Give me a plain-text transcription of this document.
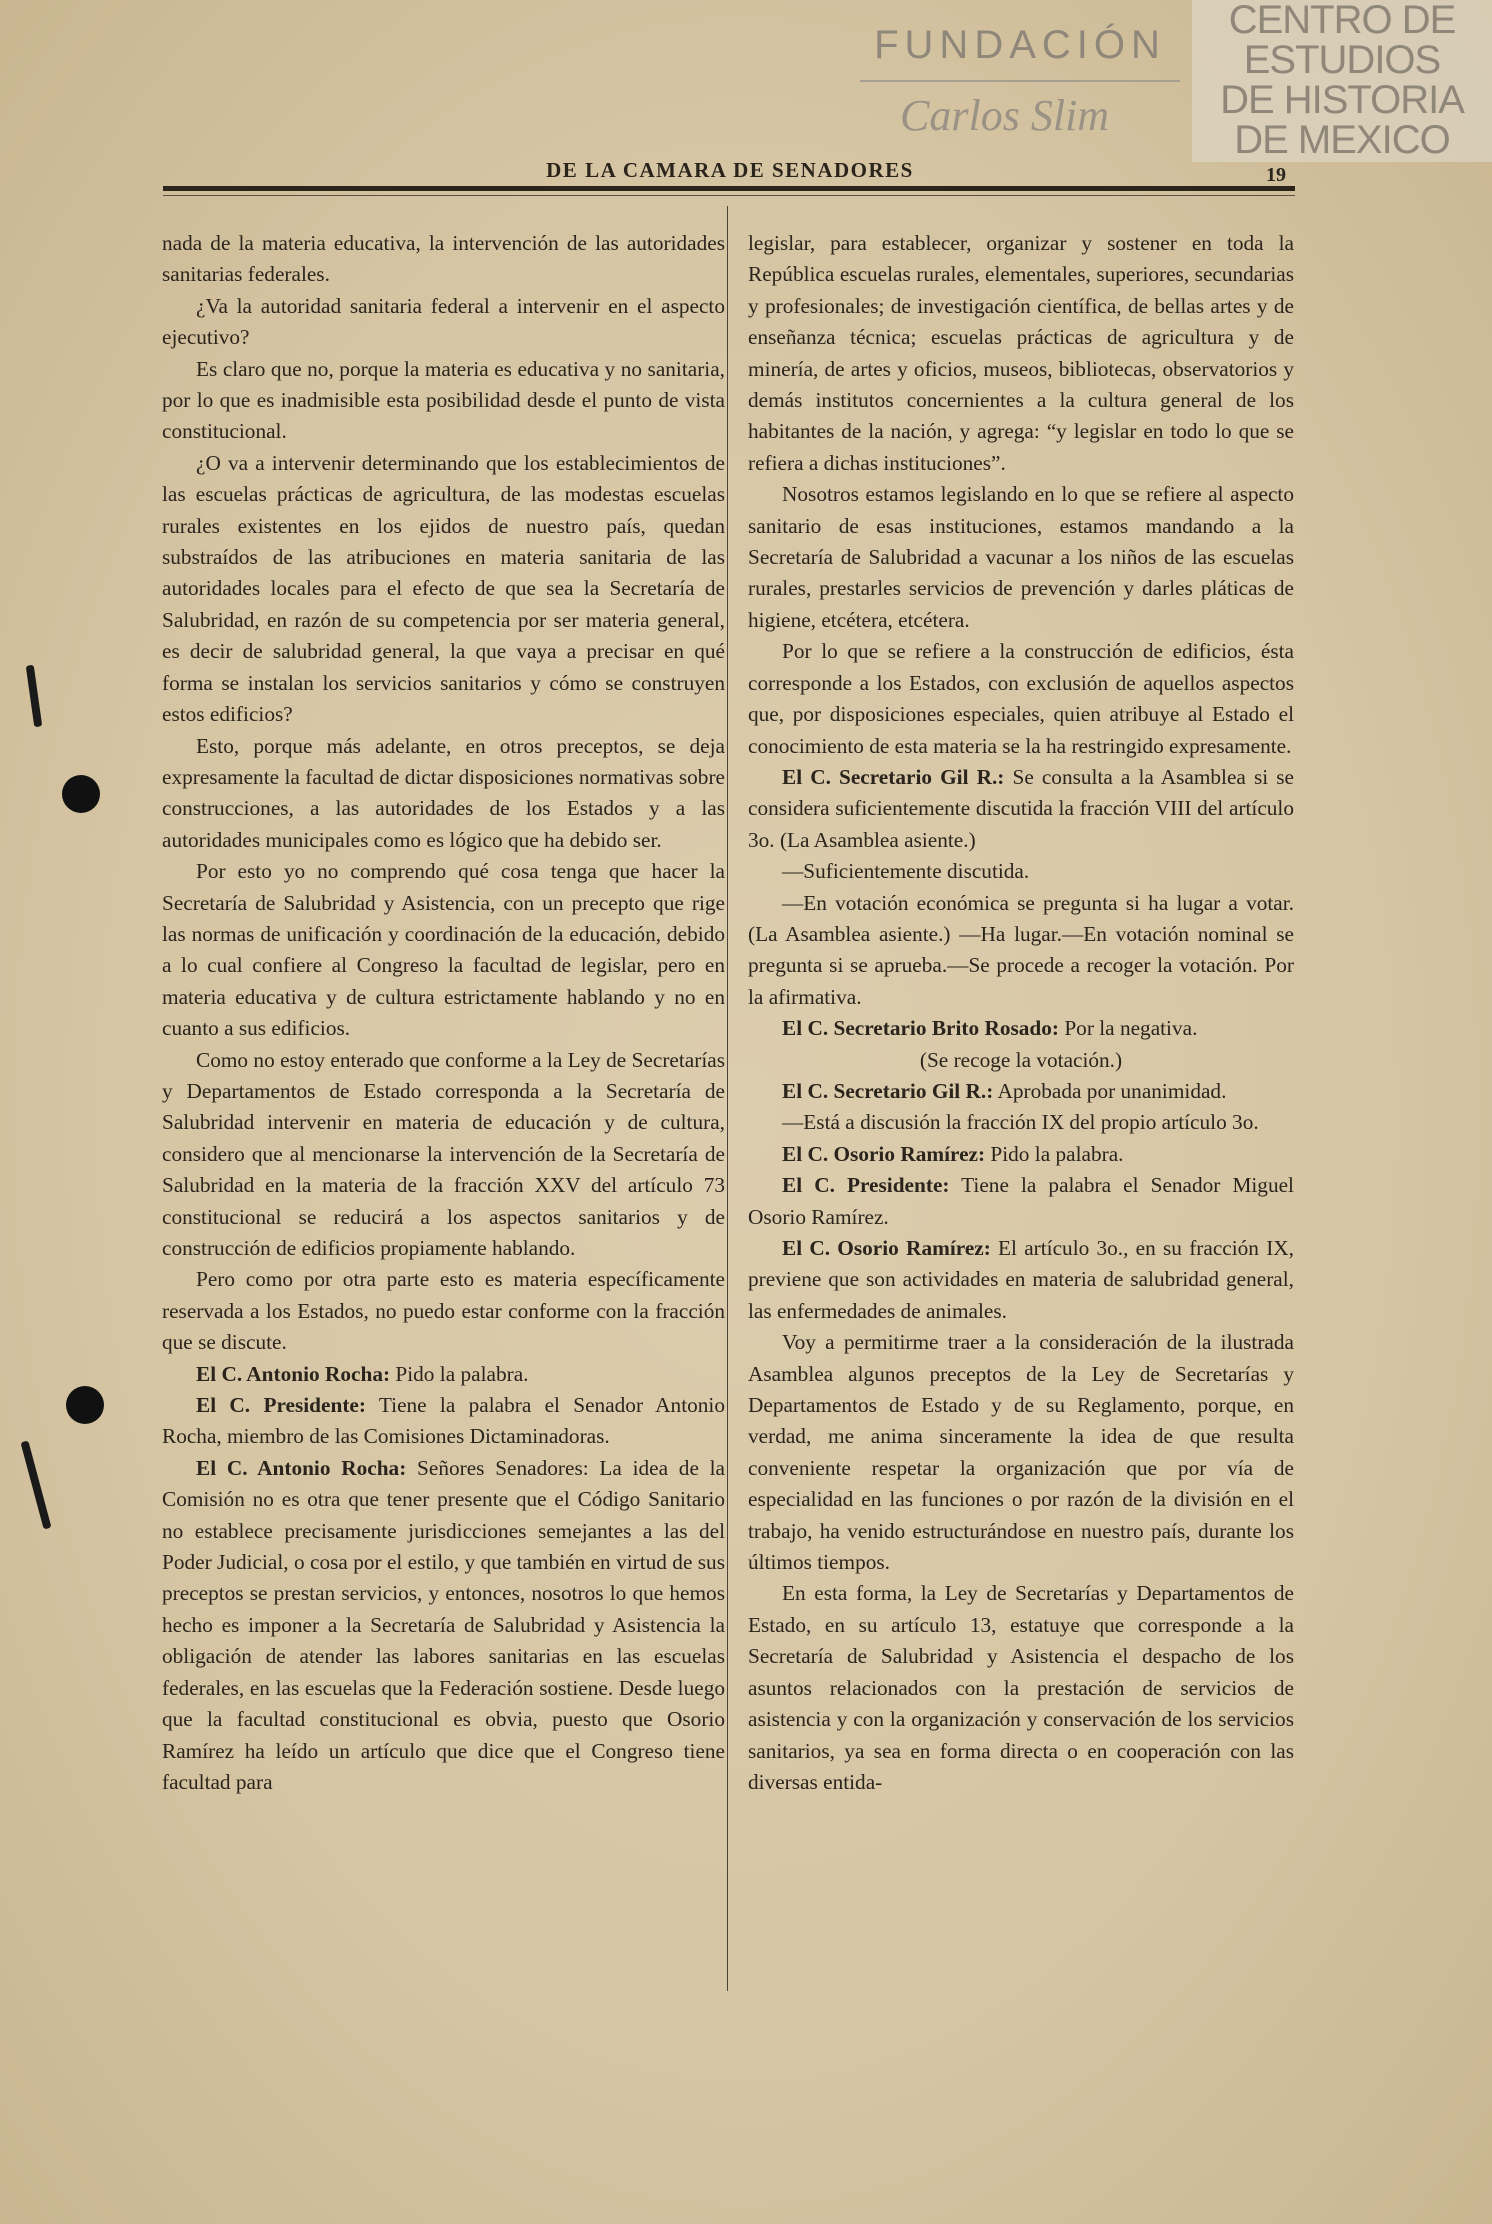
CENTRO DE
ESTUDIOS
DE HISTORIA
DE MEXICO
FUNDACIÓN
Carlos Slim
DE LA CAMARA DE SENADORES	19

nada de la materia educativa, la intervención de las autoridades sanitarias federales.

¿Va la autoridad sanitaria federal a intervenir en el aspecto ejecutivo?

Es claro que no, porque la materia es educativa y no sanitaria, por lo que es inadmisible esta posibilidad desde el punto de vista constitucional.

¿O va a intervenir determinando que los establecimientos de las escuelas prácticas de agricultura, de las modestas escuelas rurales existentes en los ejidos de nuestro país, quedan substraídos de las atribuciones en materia sanitaria de las autoridades locales para el efecto de que sea la Secretaría de Salubridad, en razón de su competencia por ser materia general, es decir de salubridad general, la que vaya a precisar en qué forma se instalan los servicios sanitarios y cómo se construyen estos edificios?

Esto, porque más adelante, en otros preceptos, se deja expresamente la facultad de dictar disposiciones normativas sobre construcciones, a las autoridades de los Estados y a las autoridades municipales como es lógico que ha debido ser.

Por esto yo no comprendo qué cosa tenga que hacer la Secretaría de Salubridad y Asistencia, con un precepto que rige las normas de unificación y coordinación de la educación, debido a lo cual confiere al Congreso la facultad de legislar, pero en materia educativa y de cultura estrictamente hablando y no en cuanto a sus edificios.

Como no estoy enterado que conforme a la Ley de Secretarías y Departamentos de Estado corresponda a la Secretaría de Salubridad intervenir en materia de educación y de cultura, considero que al mencionarse la intervención de la Secretaría de Salubridad en la materia de la fracción XXV del artículo 73 constitucional se reducirá a los aspectos sanitarios y de construcción de edificios propiamente hablando.

Pero como por otra parte esto es materia específicamente reservada a los Estados, no puedo estar conforme con la fracción que se discute.

El C. Antonio Rocha: Pido la palabra.

El C. Presidente: Tiene la palabra el Senador Antonio Rocha, miembro de las Comisiones Dictaminadoras.

El C. Antonio Rocha: Señores Senadores: La idea de la Comisión no es otra que tener presente que el Código Sanitario no establece precisamente jurisdicciones semejantes a las del Poder Judicial, o cosa por el estilo, y que también en virtud de sus preceptos se prestan servicios, y entonces, nosotros lo que hemos hecho es imponer a la Secretaría de Salubridad y Asistencia la obligación de atender las labores sanitarias en las escuelas federales, en las escuelas que la Federación sostiene. Desde luego que la facultad constitucional es obvia, puesto que Osorio Ramírez ha leído un artículo que dice que el Congreso tiene facultad para

legislar, para establecer, organizar y sostener en toda la República escuelas rurales, elementales, superiores, secundarias y profesionales; de investigación científica, de bellas artes y de enseñanza técnica; escuelas prácticas de agricultura y de minería, de artes y oficios, museos, bibliotecas, observatorios y demás institutos concernientes a la cultura general de los habitantes de la nación, y agrega: “y legislar en todo lo que se refiera a dichas instituciones”.

Nosotros estamos legislando en lo que se refiere al aspecto sanitario de esas instituciones, estamos mandando a la Secretaría de Salubridad a vacunar a los niños de las escuelas rurales, prestarles servicios de prevención y darles pláticas de higiene, etcétera, etcétera.

Por lo que se refiere a la construcción de edificios, ésta corresponde a los Estados, con exclusión de aquellos aspectos que, por disposiciones especiales, quien atribuye al Estado el conocimiento de esta materia se la ha restringido expresamente.

El C. Secretario Gil R.: Se consulta a la Asamblea si se considera suficientemente discutida la fracción VIII del artículo 3o. (La Asamblea asiente.)

—Suficientemente discutida.

—En votación económica se pregunta si ha lugar a votar. (La Asamblea asiente.) —Ha lugar.—En votación nominal se pregunta si se aprueba.—Se procede a recoger la votación. Por la afirmativa.

El C. Secretario Brito Rosado: Por la negativa.

(Se recoge la votación.)

El C. Secretario Gil R.: Aprobada por unanimidad.

—Está a discusión la fracción IX del propio artículo 3o.

El C. Osorio Ramírez: Pido la palabra.

El C. Presidente: Tiene la palabra el Senador Miguel Osorio Ramírez.

El C. Osorio Ramírez: El artículo 3o., en su fracción IX, previene que son actividades en materia de salubridad general, las enfermedades de animales.

Voy a permitirme traer a la consideración de la ilustrada Asamblea algunos preceptos de la Ley de Secretarías y Departamentos de Estado y de su Reglamento, porque, en verdad, me anima sinceramente la idea de que resulta conveniente respetar la organización que por vía de especialidad en las funciones o por razón de la división en el trabajo, ha venido estructurándose en nuestro país, durante los últimos tiempos.

En esta forma, la Ley de Secretarías y Departamentos de Estado, en su artículo 13, estatuye que corresponde a la Secretaría de Salubridad y Asistencia el despacho de los asuntos relacionados con la prestación de servicios de asistencia y con la organización y conservación de los servicios sanitarios, ya sea en forma directa o en cooperación con las diversas entida-
